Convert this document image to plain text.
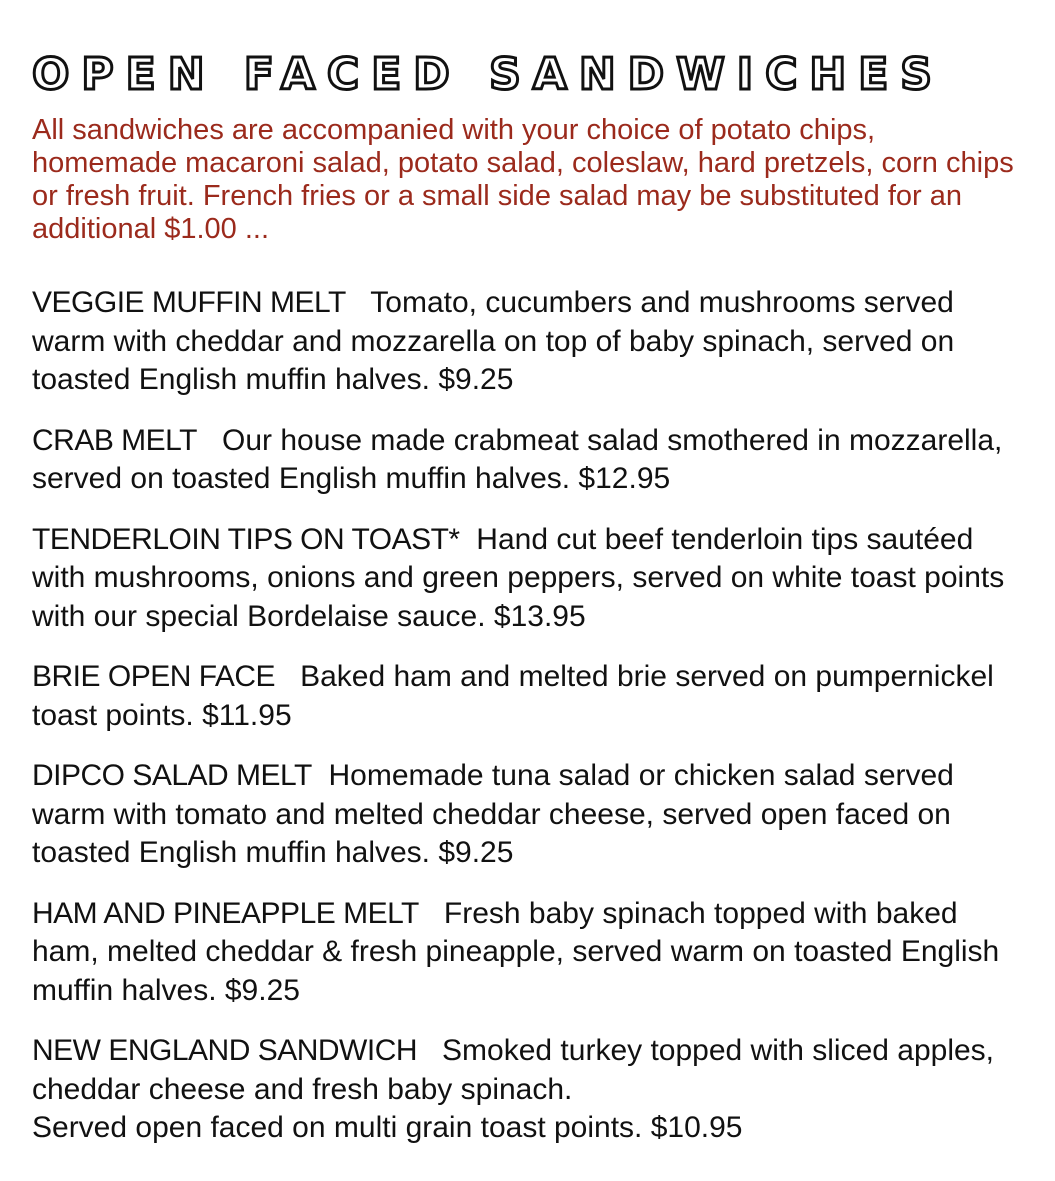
OPEN FACED SANDWICHES

All sandwiches are accompanied with your choice of potato chips, homemade macaroni salad, potato salad, coleslaw, hard pretzels, corn chips or fresh fruit. French fries or a small side salad may be substituted for an additional $1.00 ...

VEGGIE MUFFIN MELT Tomato, cucumbers and mushrooms served warm with cheddar and mozzarella on top of baby spinach, served on toasted English muffin halves. $9.25

CRAB MELT Our house made crabmeat salad smothered in mozzarella, served on toasted English muffin halves. $12.95

TENDERLOIN TIPS ON TOAST* Hand cut beef tenderloin tips sautéed with mushrooms, onions and green peppers, served on white toast points with our special Bordelaise sauce. $13.95

BRIE OPEN FACE Baked ham and melted brie served on pumpernickel toast points. $11.95

DIPCO SALAD MELT Homemade tuna salad or chicken salad served warm with tomato and melted cheddar cheese, served open faced on toasted English muffin halves. $9.25

HAM AND PINEAPPLE MELT Fresh baby spinach topped with baked ham, melted cheddar & fresh pineapple, served warm on toasted English muffin halves. $9.25

NEW ENGLAND SANDWICH Smoked turkey topped with sliced apples, cheddar cheese and fresh baby spinach.
Served open faced on multi grain toast points. $10.95
